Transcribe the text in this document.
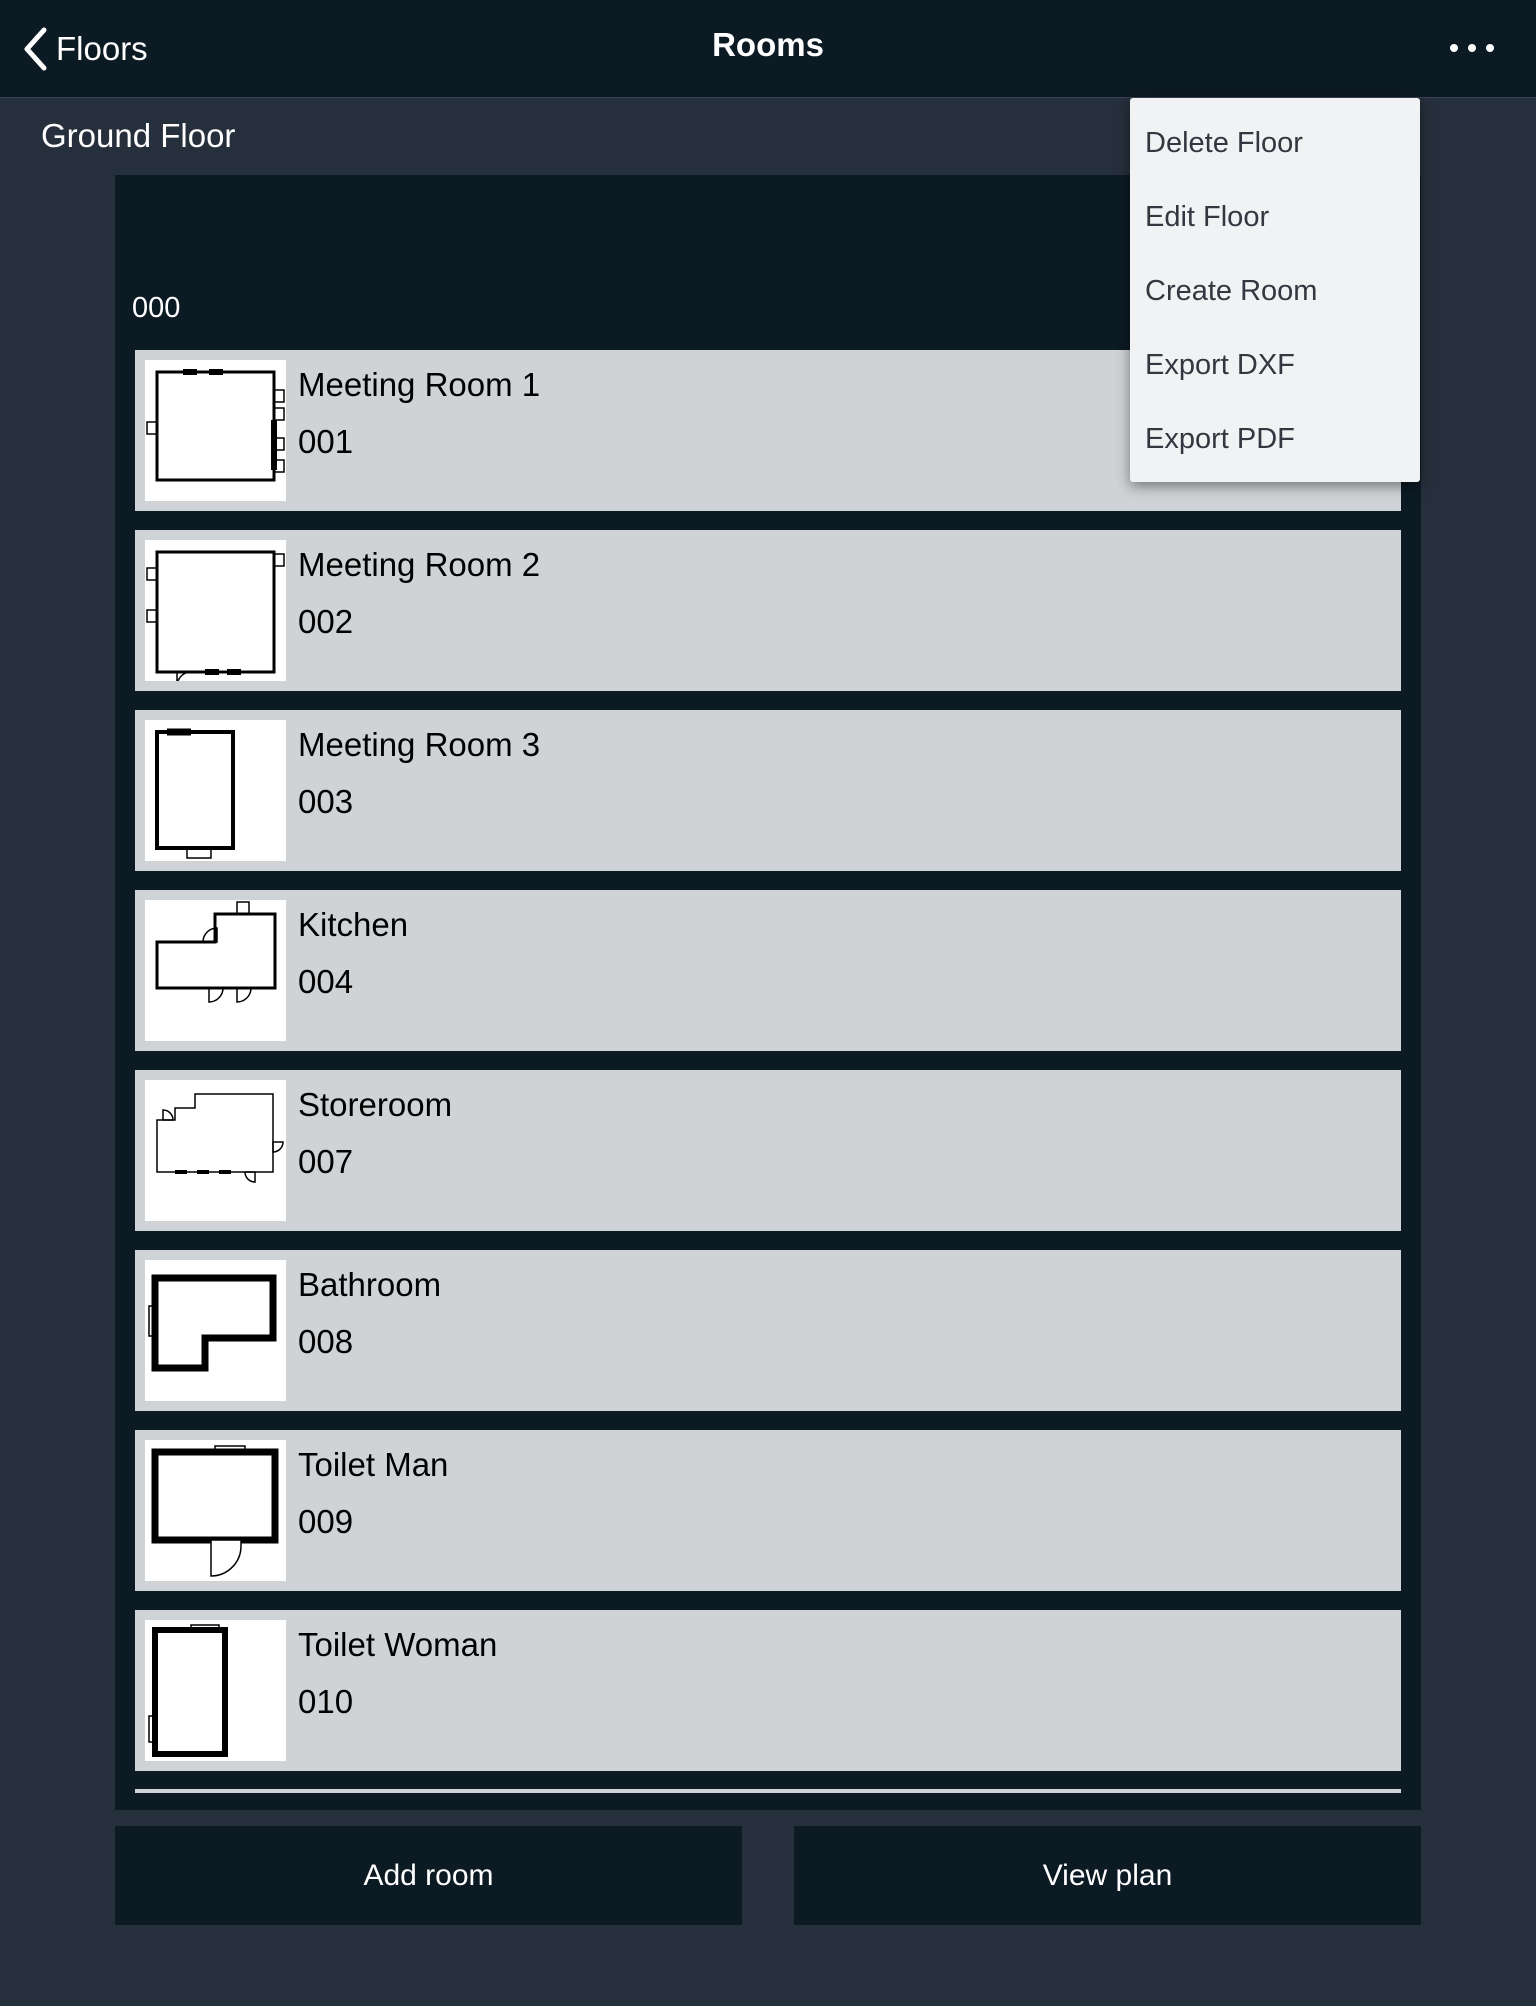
Floors	Rooms
Ground Floor
000
Meeting Room 1
001
Meeting Room 2
002
Meeting Room 3
003
Kitchen
004
Storeroom
007
Bathroom
008
Toilet Man
009
Toilet Woman
010
Add room	View plan
Delete Floor
Edit Floor
Create Room
Export DXF
Export PDF
